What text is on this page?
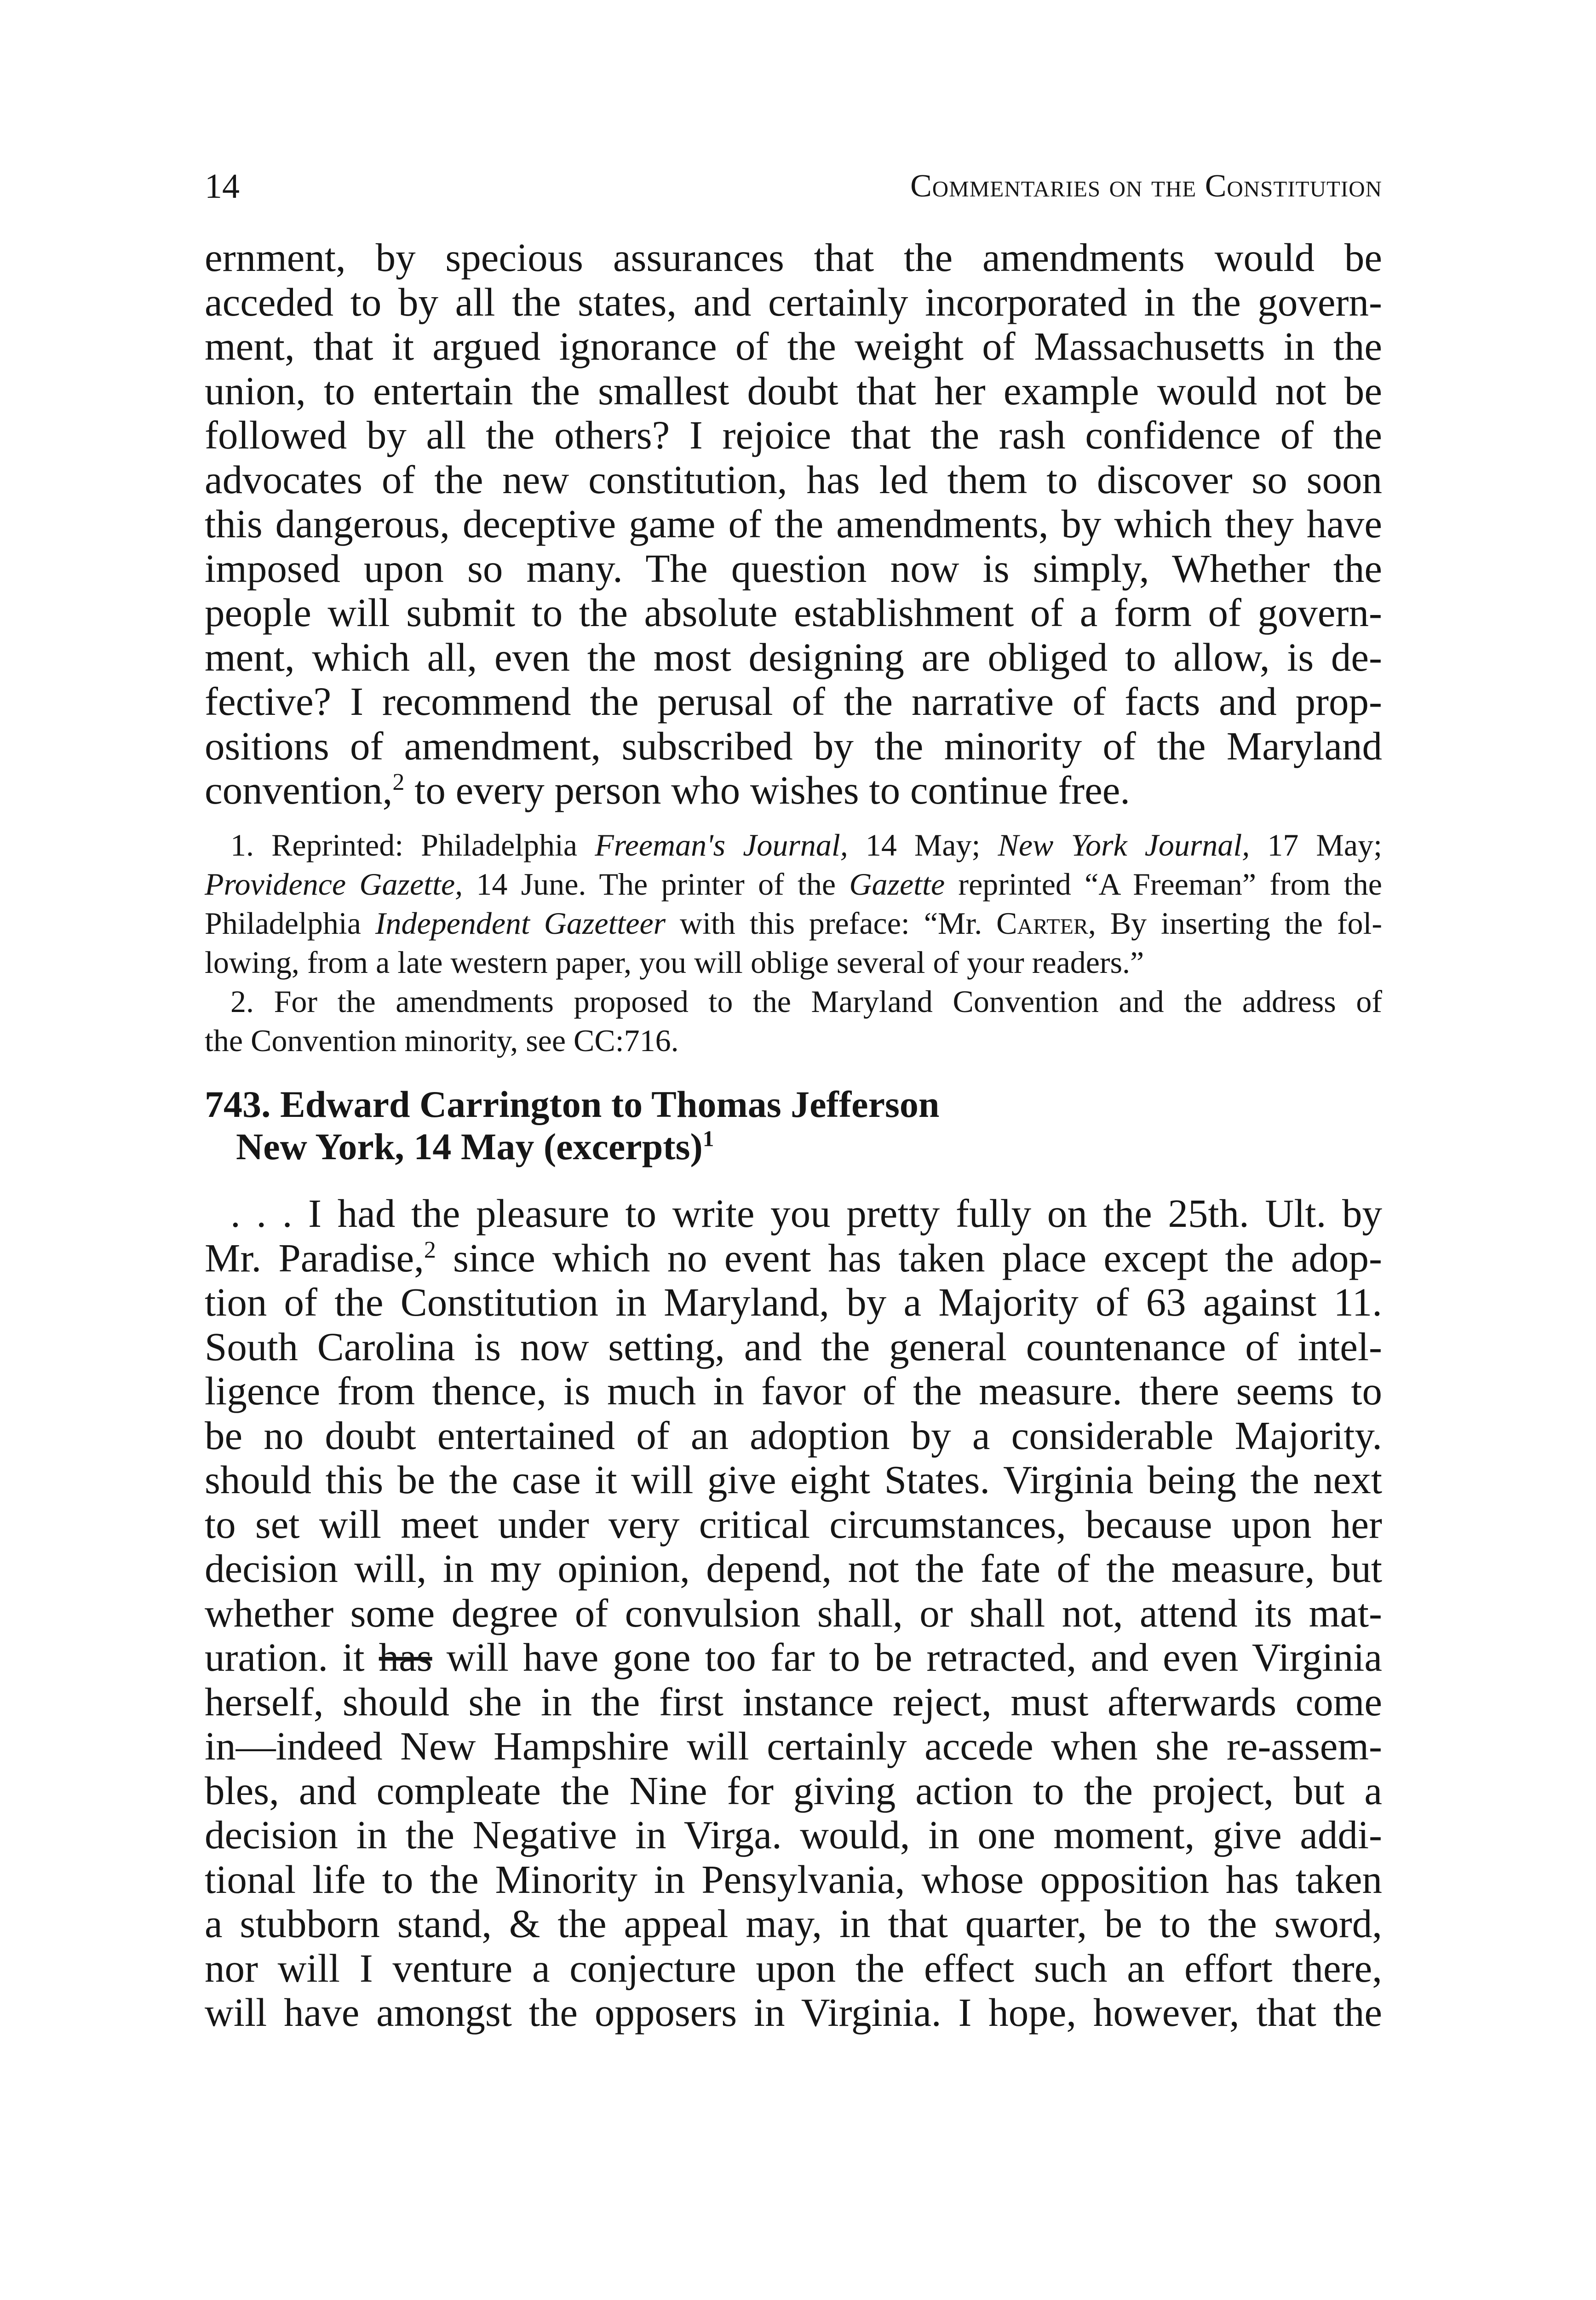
14	Commentaries on the Constitution
ernment, by specious assurances that the amendments would be
acceded to by all the states, and certainly incorporated in the govern-
ment, that it argued ignorance of the weight of Massachusetts in the
union, to entertain the smallest doubt that her example would not be
followed by all the others? I rejoice that the rash confidence of the
advocates of the new constitution, has led them to discover so soon
this dangerous, deceptive game of the amendments, by which they have
imposed upon so many. The question now is simply, Whether the
people will submit to the absolute establishment of a form of govern-
ment, which all, even the most designing are obliged to allow, is de-
fective? I recommend the perusal of the narrative of facts and prop-
ositions of amendment, subscribed by the minority of the Maryland
convention,$^2$ to every person who wishes to continue free.
1. Reprinted: Philadelphia Freeman's Journal, 14 May; New York Journal, 17 May;
Providence Gazette, 14 June. The printer of the Gazette reprinted “A Freeman” from the
Philadelphia Independent Gazetteer with this preface: “Mr. Carter, By inserting the fol-
lowing, from a late western paper, you will oblige several of your readers.”
2. For the amendments proposed to the Maryland Convention and the address of
the Convention minority, see CC:716.
743. Edward Carrington to Thomas Jefferson
New York, 14 May (excerpts)$^1$
. . . I had the pleasure to write you pretty fully on the 25th. Ult. by
Mr. Paradise,$^2$ since which no event has taken place except the adop-
tion of the Constitution in Maryland, by a Majority of 63 against 11.
South Carolina is now setting, and the general countenance of intel-
ligence from thence, is much in favor of the measure. there seems to
be no doubt entertained of an adoption by a considerable Majority.
should this be the case it will give eight States. Virginia being the next
to set will meet under very critical circumstances, because upon her
decision will, in my opinion, depend, not the fate of the measure, but
whether some degree of convulsion shall, or shall not, attend its mat-
uration. it has will have gone too far to be retracted, and even Virginia
herself, should she in the first instance reject, must afterwards come
in—indeed New Hampshire will certainly accede when she re-assem-
bles, and compleate the Nine for giving action to the project, but a
decision in the Negative in Virga. would, in one moment, give addi-
tional life to the Minority in Pensylvania, whose opposition has taken
a stubborn stand, & the appeal may, in that quarter, be to the sword,
nor will I venture a conjecture upon the effect such an effort there,
will have amongst the opposers in Virginia. I hope, however, that the
